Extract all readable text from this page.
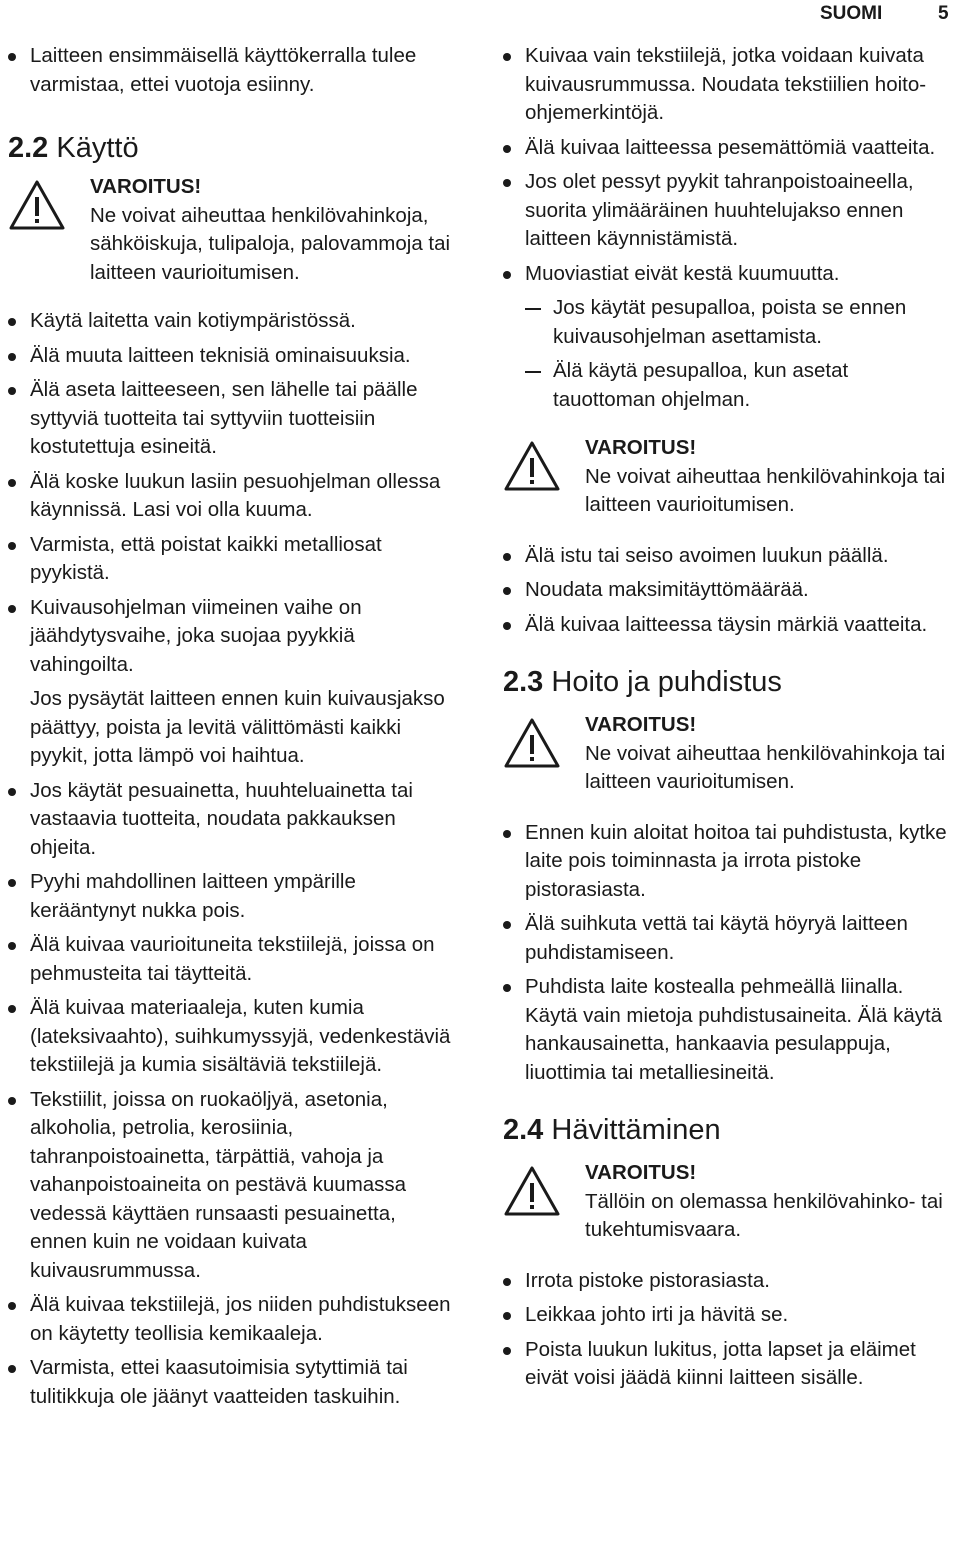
SUOMI	5
Laitteen ensimmäisellä käyttökerralla tulee varmistaa, ettei vuotoja esiinny.
2.2 Käyttö
VAROITUS!
Ne voivat aiheuttaa henkilövahinkoja, sähköiskuja, tulipaloja, palovammoja tai laitteen vaurioitumisen.
Käytä laitetta vain kotiympäristössä.
Älä muuta laitteen teknisiä ominaisuuksia.
Älä aseta laitteeseen, sen lähelle tai päälle syttyviä tuotteita tai syttyviin tuotteisiin kostutettuja esineitä.
Älä koske luukun lasiin pesuohjelman ollessa käynnissä. Lasi voi olla kuuma.
Varmista, että poistat kaikki metalliosat pyykistä.
Kuivausohjelman viimeinen vaihe on jäähdytysvaihe, joka suojaa pyykkiä vahingoilta.

Jos pysäytät laitteen ennen kuin kuivausjakso päättyy, poista ja levitä välittömästi kaikki pyykit, jotta lämpö voi haihtua.

Jos käytät pesuainetta, huuhteluainetta tai vastaavia tuotteita, noudata pakkauksen ohjeita.
Pyyhi mahdollinen laitteen ympärille kerääntynyt nukka pois.
Älä kuivaa vaurioituneita tekstiilejä, joissa on pehmusteita tai täytteitä.
Älä kuivaa materiaaleja, kuten kumia (lateksivaahto), suihkumyssyjä, vedenkestäviä tekstiilejä ja kumia sisältäviä tekstiilejä.
Tekstiilit, joissa on ruokaöljyä, asetonia, alkoholia, petrolia, kerosiinia, tahranpoistoainetta, tärpättiä, vahoja ja vahanpoistoaineita on pestävä kuumassa vedessä käyttäen runsaasti pesuainetta, ennen kuin ne voidaan kuivata kuivausrummussa.
Älä kuivaa tekstiilejä, jos niiden puhdistukseen on käytetty teollisia kemikaaleja.
Varmista, ettei kaasutoimisia sytyttimiä tai tulitikkuja ole jäänyt vaatteiden taskuihin.
Kuivaa vain tekstiilejä, jotka voidaan kuivata kuivausrummussa. Noudata tekstiilien hoito-ohjemerkintöjä.
Älä kuivaa laitteessa pesemättömiä vaatteita.
Jos olet pessyt pyykit tahranpoistoaineella, suorita ylimääräinen huuhtelujakso ennen laitteen käynnistämistä.
Muoviastiat eivät kestä kuumuutta.
Jos käytät pesupalloa, poista se ennen kuivausohjelman asettamista.
Älä käytä pesupalloa, kun asetat tauottoman ohjelman.
VAROITUS!
Ne voivat aiheuttaa henkilövahinkoja tai laitteen vaurioitumisen.
Älä istu tai seiso avoimen luukun päällä.
Noudata maksimitäyttömäärää.
Älä kuivaa laitteessa täysin märkiä vaatteita.
2.3 Hoito ja puhdistus
VAROITUS!
Ne voivat aiheuttaa henkilövahinkoja tai laitteen vaurioitumisen.
Ennen kuin aloitat hoitoa tai puhdistusta, kytke laite pois toiminnasta ja irrota pistoke pistorasiasta.
Älä suihkuta vettä tai käytä höyryä laitteen puhdistamiseen.
Puhdista laite kostealla pehmeällä liinalla. Käytä vain mietoja puhdistusaineita. Älä käytä hankausainetta, hankaavia pesulappuja, liuottimia tai metalliesineitä.
2.4 Hävittäminen
VAROITUS!
Tällöin on olemassa henkilövahinko- tai tukehtumisvaara.
Irrota pistoke pistorasiasta.
Leikkaa johto irti ja hävitä se.
Poista luukun lukitus, jotta lapset ja eläimet eivät voisi jäädä kiinni laitteen sisälle.
